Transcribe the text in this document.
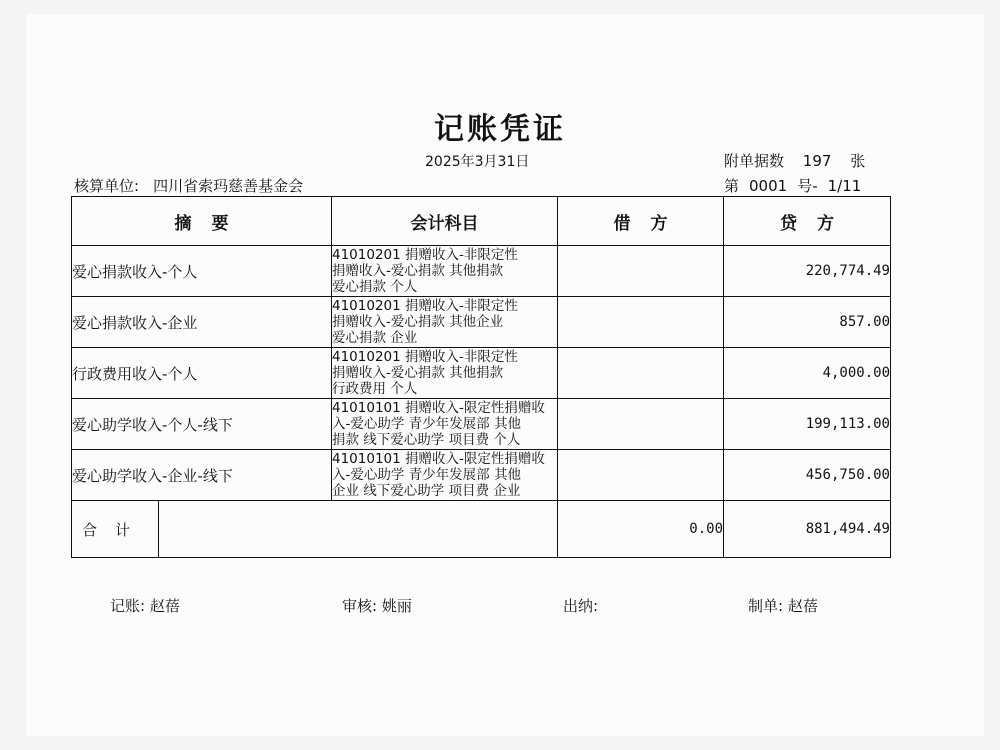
记账凭证
2025年3月31日	附单据数 197 张
核算单位: 四川省索玛慈善基金会	第 0001 号- 1/11
摘要		会计科目	借方	贷方
爱心捐款收入-个人		41010201 捐赠收入-非限定性
捐赠收入-爱心捐款 其他捐款
爱心捐款 个人		220,774.49
爱心捐款收入-企业		41010201 捐赠收入-非限定性
捐赠收入-爱心捐款 其他企业
爱心捐款 企业		857.00
行政费用收入-个人		41010201 捐赠收入-非限定性
捐赠收入-爱心捐款 其他捐款
行政费用 个人		4,000.00
爱心助学收入-个人-线下		41010101 捐赠收入-限定性捐赠收
入-爱心助学 青少年发展部 其他
捐款 线下爱心助学 项目费 个人		199,113.00
爱心助学收入-企业-线下		41010101 捐赠收入-限定性捐赠收
入-爱心助学 青少年发展部 其他
企业 线下爱心助学 项目费 企业		456,750.00
合计			0.00	881,494.49
记账: 赵蓓	审核: 姚丽	出纳:	制单: 赵蓓
